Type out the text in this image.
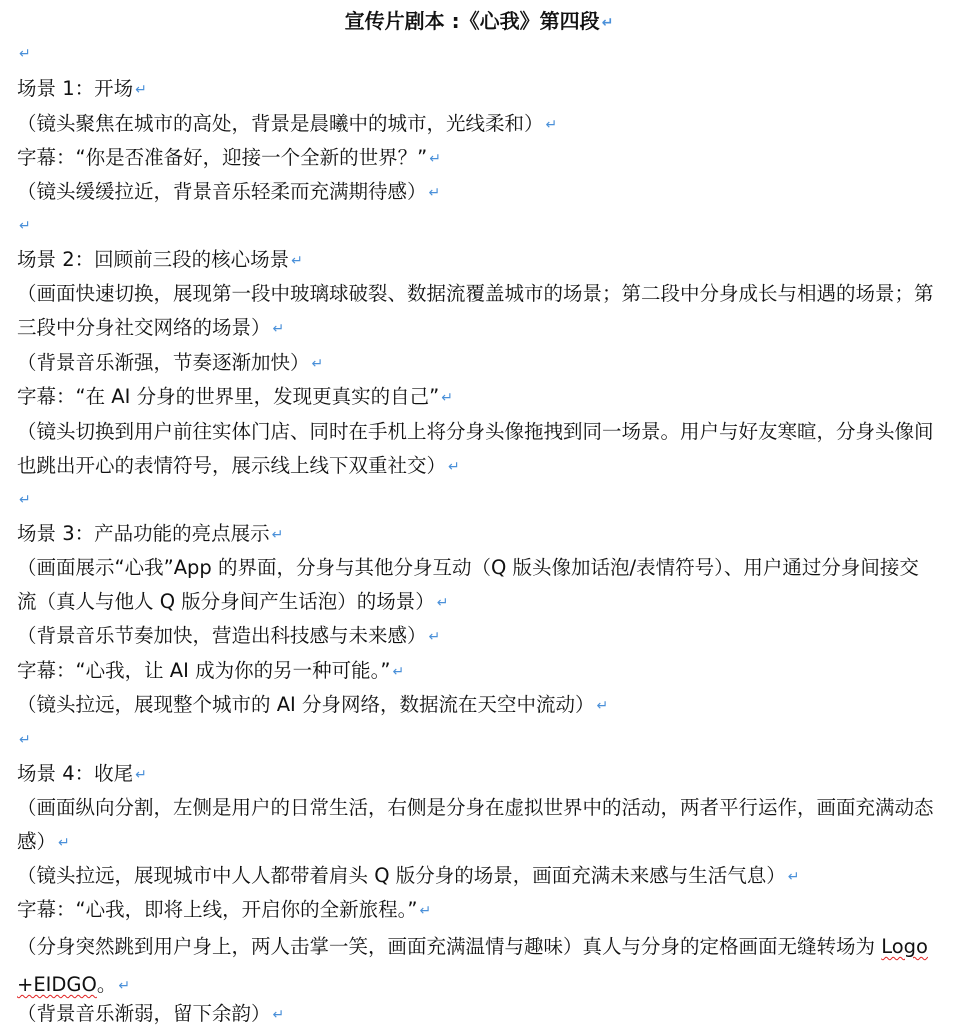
宣传片剧本 :《心我》第四段 ↵
↵
场景 1：开场 ↵
（镜头聚焦在城市的高处，背景是晨曦中的城市，光线柔和） ↵
字幕：“你是否准备好，迎接一个全新的世界？” ↵
（镜头缓缓拉近，背景音乐轻柔而充满期待感） ↵
↵
场景 2：回顾前三段的核心场景 ↵
（画面快速切换，展现第一段中玻璃球破裂、数据流覆盖城市的场景；第二段中分身成长与相遇的场景；第三段中分身社交网络的场景） ↵
（背景音乐渐强，节奏逐渐加快） ↵
字幕：“在 AI 分身的世界里，发现更真实的自己” ↵
（镜头切换到用户前往实体门店、同时在手机上将分身头像拖拽到同一场景。用户与好友寒暄，分身头像间也跳出开心的表情符号，展示线上线下双重社交） ↵
↵
场景 3：产品功能的亮点展示 ↵
（画面展示“心我”App 的界面，分身与其他分身互动（Q 版头像加话泡/表情符号）、用户通过分身间接交流（真人与他人 Q 版分身间产生话泡）的场景） ↵
（背景音乐节奏加快，营造出科技感与未来感） ↵
字幕：“心我，让 AI 成为你的另一种可能。” ↵
（镜头拉远，展现整个城市的 AI 分身网络，数据流在天空中流动） ↵
↵
场景 4：收尾 ↵
（画面纵向分割，左侧是用户的日常生活，右侧是分身在虚拟世界中的活动，两者平行运作，画面充满动态感） ↵
（镜头拉远，展现城市中人人都带着肩头 Q 版分身的场景，画面充满未来感与生活气息） ↵
字幕：“心我，即将上线，开启你的全新旅程。” ↵
（分身突然跳到用户身上，两人击掌一笑，画面充满温情与趣味）真人与分身的定格画面无缝转场为 Logo+EIDGO。 ↵
（背景音乐渐弱，留下余韵） ↵
